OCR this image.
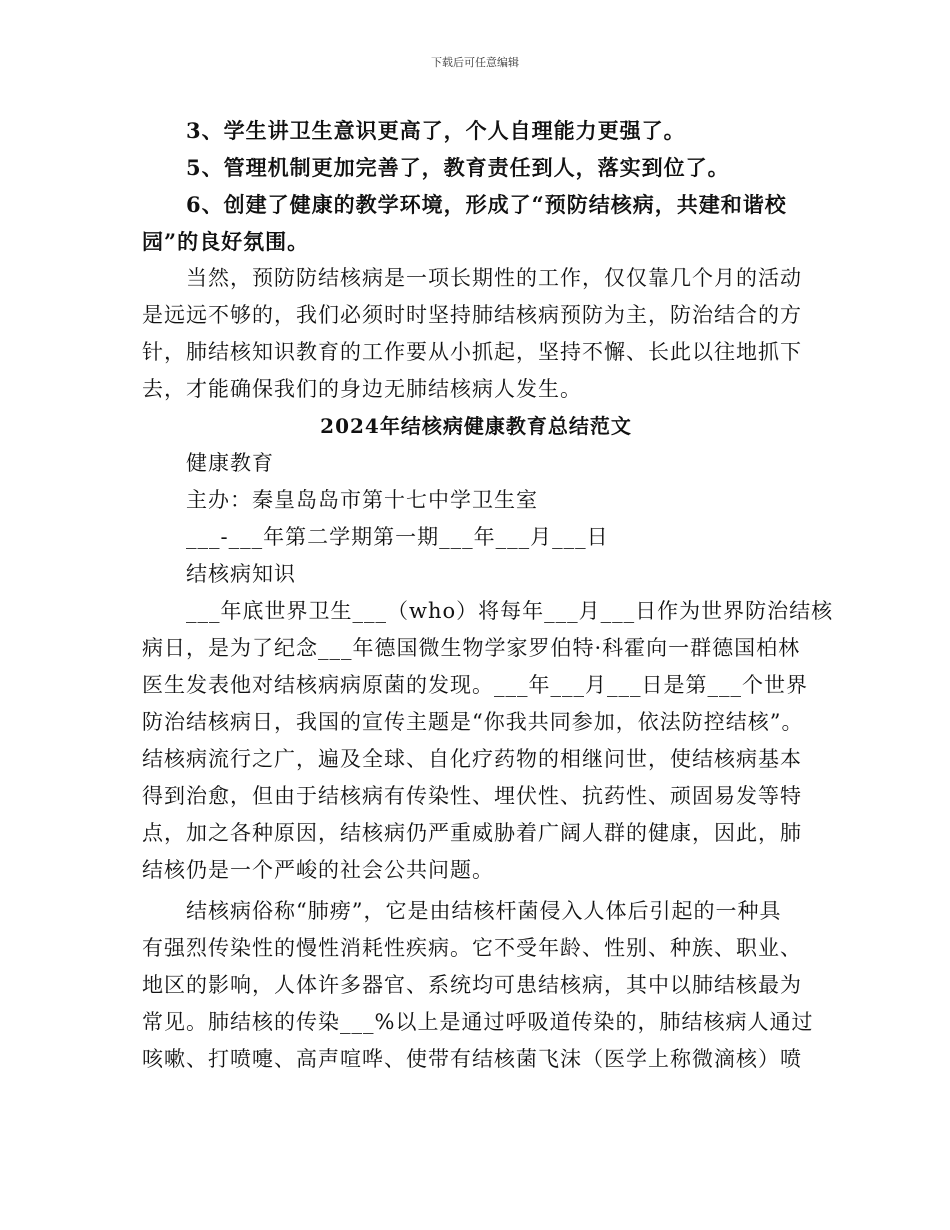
下载后可任意编辑
3、学生讲卫生意识更高了，个人自理能力更强了。
5、管理机制更加完善了，教育责任到人，落实到位了。
6、创建了健康的教学环境，形成了“预防结核病，共建和谐校
园”的良好氛围。
当然，预防防结核病是一项长期性的工作，仅仅靠几个月的活动
是远远不够的，我们必须时时坚持肺结核病预防为主，防治结合的方
针，肺结核知识教育的工作要从小抓起，坚持不懈、长此以往地抓下
去，才能确保我们的身边无肺结核病人发生。
2024年结核病健康教育总结范文
健康教育
主办：秦皇岛岛市第十七中学卫生室
___-___年第二学期第一期___年___月___日
结核病知识
___年底世界卫生___（who）将每年___月___日作为世界防治结核
病日，是为了纪念___年德国微生物学家罗伯特·科霍向一群德国柏林
医生发表他对结核病病原菌的发现。___年___月___日是第___个世界
防治结核病日，我国的宣传主题是“你我共同参加，依法防控结核”。
结核病流行之广，遍及全球、自化疗药物的相继问世，使结核病基本
得到治愈，但由于结核病有传染性、埋伏性、抗药性、顽固易发等特
点，加之各种原因，结核病仍严重威胁着广阔人群的健康，因此，肺
结核仍是一个严峻的社会公共问题。
结核病俗称“肺痨”，它是由结核杆菌侵入人体后引起的一种具
有强烈传染性的慢性消耗性疾病。它不受年龄、性别、种族、职业、
地区的影响，人体许多器官、系统均可患结核病，其中以肺结核最为
常见。肺结核的传染___%以上是通过呼吸道传染的，肺结核病人通过
咳嗽、打喷嚏、高声喧哗、使带有结核菌飞沫（医学上称微滴核）喷
